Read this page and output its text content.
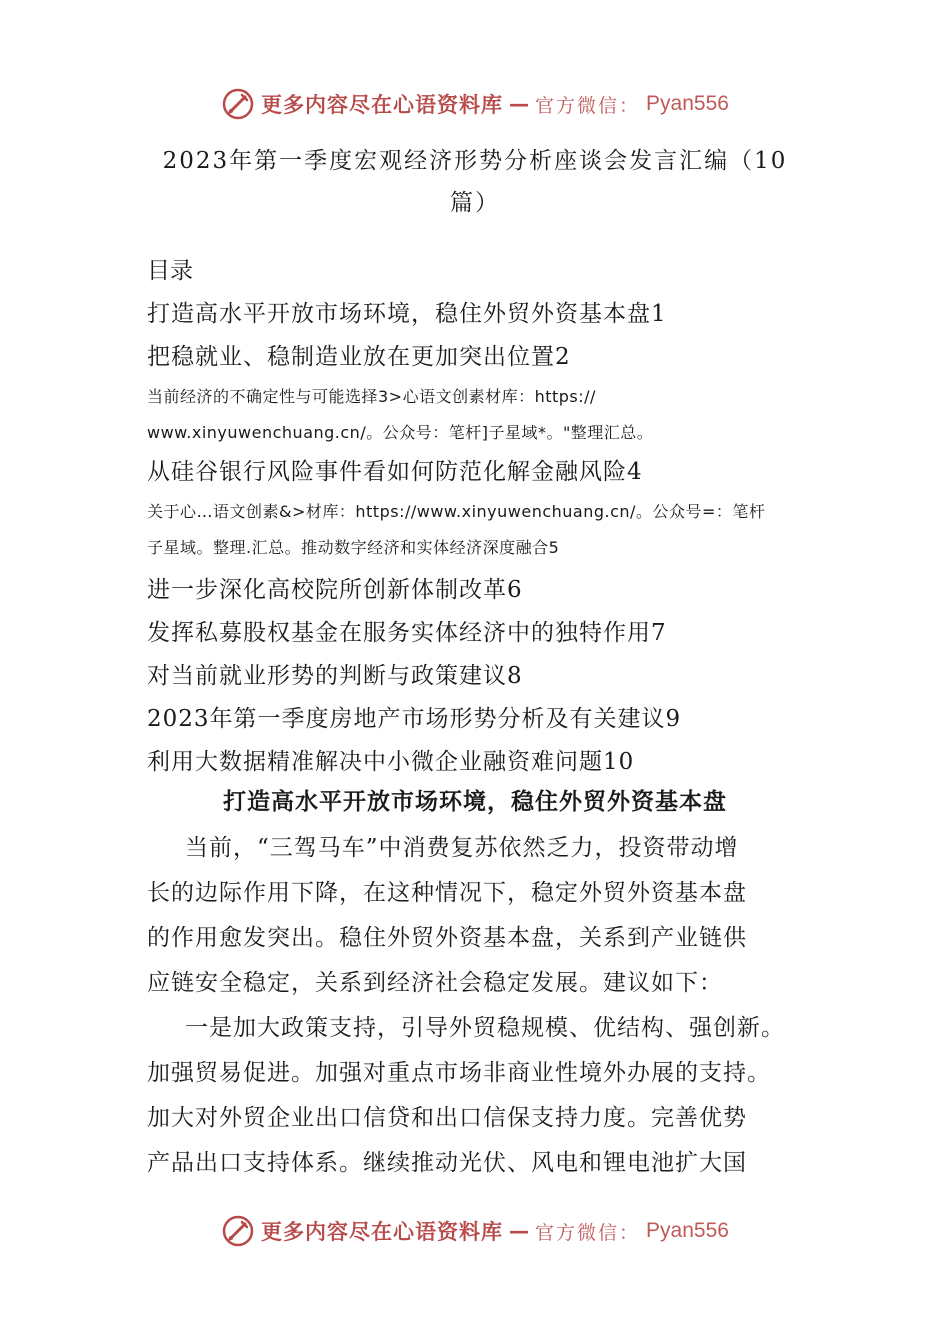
更多内容尽在心语资料库 — 官方微信： Pyan556
2023年第一季度宏观经济形势分析座谈会发言汇编（10
篇）
目录
打造高水平开放市场环境，稳住外贸外资基本盘1
把稳就业、稳制造业放在更加突出位置2
当前经济的不确定性与可能选择3>心语文创素材库：https://
www.xinyuwenchuang.cn/。公众号：笔杆]子星域*。"整理汇总。
从硅谷银行风险事件看如何防范化解金融风险4
关于心…语文创素&>材库：https://www.xinyuwenchuang.cn/。公众号=：笔杆
子星域。整理.汇总。推动数字经济和实体经济深度融合5
进一步深化高校院所创新体制改革6
发挥私募股权基金在服务实体经济中的独特作用7
对当前就业形势的判断与政策建议8
2023年第一季度房地产市场形势分析及有关建议9
利用大数据精准解决中小微企业融资难问题10
打造高水平开放市场环境，稳住外贸外资基本盘
当前，“三驾马车”中消费复苏依然乏力，投资带动增
长的边际作用下降，在这种情况下，稳定外贸外资基本盘
的作用愈发突出。稳住外贸外资基本盘，关系到产业链供
应链安全稳定，关系到经济社会稳定发展。建议如下：
一是加大政策支持，引导外贸稳规模、优结构、强创新。
加强贸易促进。加强对重点市场非商业性境外办展的支持。
加大对外贸企业出口信贷和出口信保支持力度。完善优势
产品出口支持体系。继续推动光伏、风电和锂电池扩大国
更多内容尽在心语资料库 — 官方微信： Pyan556
